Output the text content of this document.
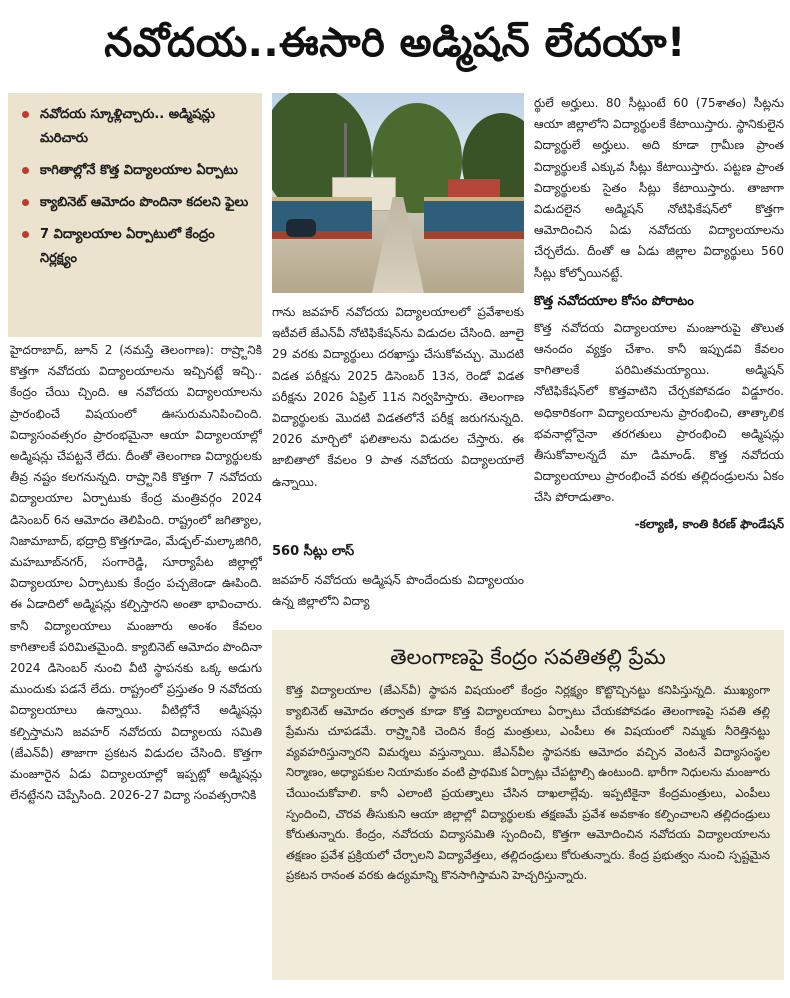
నవోదయ..ఈసారి అడ్మిషన్ లేదయా!
నవోదయ స్కూళ్లిచ్చారు.. అడ్మిషన్లు మరిచారు
కాగితాల్లోనే కొత్త విద్యాలయాల ఏర్పాటు
క్యాబినెట్ ఆమోదం పొందినా కదలని ఫైలు
7 విద్యాలయాల ఏర్పాటులో కేంద్రం నిర్లక్ష్యం

హైదరాబాద్, జూన్ 2 (నమస్తే తెలంగాణ): రాష్ర్టానికి కొత్తగా నవోదయ విద్యాలయాలను ఇచ్చినట్టే ఇచ్చి.. కేంద్రం చేయి చ్చింది. ఆ నవోదయ విద్యాలయాలను ప్రారంభించే విషయంలో ఊసురుమనిపించింది. విద్యాసంవత్సరం ప్రారంభమైనా ఆయా విద్యాలయాల్లో అడ్మిషన్లు చేపట్టనే లేదు. దీంతో తెలంగాణ విద్యార్థులకు తీవ్ర నష్టం కలగనున్నది. రాష్ర్టానికి కొత్తగా 7 నవోదయ విద్యాలయాల ఏర్పాటుకు కేంద్ర మంత్రివర్గం 2024 డిసెంబర్ 6న ఆమోదం తెలిపింది. రాష్ట్రంలో జగిత్యాల, నిజామాబాద్, భద్రాద్రి కొత్తగూడెం, మేడ్చల్-మల్కాజిగిరి, మహబూబ్‌నగర్, సంగారెడ్డి, సూర్యాపేట జిల్లాల్లో విద్యాలయాల ఏర్పాటుకు కేంద్రం పచ్చజెండా ఊపింది. ఈ ఏడాదిలో అడ్మిషన్లు కల్పిస్తారని అంతా భావించారు. కానీ విద్యాలయాలు మంజూరు అంశం కేవలం కాగితాలకే పరిమితమైంది. క్యాబినెట్ ఆమోదం పొందినా 2024 డిసెంబర్ నుంచి వీటి స్థాపనకు ఒక్క అడుగు ముందుకు పడనే లేదు. రాష్ట్రంలో ప్రస్తుతం 9 నవోదయ విద్యాలయాలు ఉన్నాయి. వీటిల్లోనే అడ్మిషన్లు కల్పిస్తామని జవహర్ నవోదయ విద్యాలయ సమితి (జేఎన్‌వీ) తాజాగా ప్రకటన విడుదల చేసింది. కొత్తగా మంజూరైన ఏడు విద్యాలయాల్లో ఇప్పట్లో అడ్మిషన్లు లేనట్టేనని చెప్పేసింది. 2026-27 విద్యా సంవత్సరానికి

గాను జవహర్ నవోదయ విద్యాలయాలలో ప్రవేశాలకు ఇటీవలే జేఎన్‌వీ నోటిఫికేషన్‌ను విడుదల చేసింది. జూలై 29 వరకు విద్యార్థులు దరఖాస్తు చేసుకోవచ్చు. మొదటి విడత పరీక్షను 2025 డిసెంబర్ 13న, రెండో విడత పరీక్షను 2026 ఏప్రిల్ 11న నిర్వహిస్తారు. తెలంగాణ విద్యార్థులకు మొదటి విడతలోనే పరీక్ష జరుగనున్నది. 2026 మార్చిలో ఫలితాలను విడుదల చేస్తారు. ఈ జాబితాలో కేవలం 9 పాత నవోదయ విద్యాలయాలే ఉన్నాయి.

560 సీట్లు లాస్

జవహర్ నవోదయ అడ్మిషన్ పొందేందుకు విద్యాలయం ఉన్న జిల్లాలోని విద్యా

ర్థులే అర్హులు. 80 సీట్లుంటే 60 (75శాతం) సీట్లను ఆయా జిల్లాలోని విద్యార్థులకే కేటాయిస్తారు. స్థానికులైన విద్యార్థులే అర్హులు. అది కూడా గ్రామీణ ప్రాంత విద్యార్థులకే ఎక్కువ సీట్లు కేటాయిస్తారు. పట్టణ ప్రాంత విద్యార్థులకు సైతం సీట్లు కేటాయిస్తారు. తాజాగా విడుదలైన అడ్మిషన్ నోటిఫికేషన్‌లో కొత్తగా ఆమోదించిన ఏడు నవోదయ విద్యాలయాలను చేర్చలేదు. దీంతో ఆ ఏడు జిల్లాల విద్యార్థులు 560 సీట్లు కోల్పోయినట్టే.

కొత్త నవోదయాల కోసం పోరాటం

కొత్త నవోదయ విద్యాలయాల మంజూరుపై తొలుత ఆనందం వ్యక్తం చేశాం. కానీ ఇప్పుడవి కేవలం కాగితాలకే పరిమితమయ్యాయి. అడ్మిషన్ నోటిఫికేషన్‌లో కొత్తవాటిని చేర్చకపోవడం విడ్డూరం. అధికారికంగా విద్యాలయాలను ప్రారంభించి, తాత్కాలిక భవనాల్లోనైనా తరగతులు ప్రారంభించి అడ్మిషన్లు తీసుకోవాలన్నదే మా డిమాండ్. కొత్త నవోదయ విద్యాలయాలు ప్రారంభించే వరకు తల్లిదండ్రులను ఏకం చేసి పోరాడుతాం.

-కల్యాణి, కాంతి కిరణ్ ఫౌండేషన్
తెలంగాణపై కేంద్రం సవతితల్లి ప్రేమ

కొత్త విద్యాలయాల (జేఎన్‌వీ) స్థాపన విషయంలో కేంద్రం నిర్లక్ష్యం కొట్టొచ్చినట్టు కనిపిస్తున్నది. ముఖ్యంగా క్యాబినెట్ ఆమోదం తర్వాత కూడా కొత్త విద్యాలయాలు ఏర్పాటు చేయకపోవడం తెలంగాణపై సవతి తల్లి ప్రేమను చూపడమే. రాష్ర్టానికి చెందిన కేంద్ర మంత్రులు, ఎంపీలు ఈ విషయంలో నిమ్మకు నీరెత్తినట్టు వ్యవహరిస్తున్నారని విమర్శలు వస్తున్నాయి. జేఎన్‌వీల స్థాపనకు ఆమోదం వచ్చిన వెంటనే విద్యాసంస్థల నిర్మాణం, అధ్యాపకుల నియామకం వంటి ప్రాథమిక ఏర్పాట్లు చేపట్టాల్సి ఉంటుంది. భారీగా నిధులను మంజూరు చేయించుకోవాలి. కానీ ఎలాంటి ప్రయత్నాలు చేసిన దాఖలాల్లేవు. ఇప్పటికైనా కేంద్రమంత్రులు, ఎంపీలు స్పందించి, చొరవ తీసుకుని ఆయా జిల్లాల్లో విద్యార్థులకు తక్షణమే ప్రవేశ అవకాశం కల్పించాలని తల్లిదండ్రులు కోరుతున్నారు. కేంద్రం, నవోదయ విద్యాసమితి స్పందించి, కొత్తగా ఆమోదించిన నవోదయ విద్యాలయాలను తక్షణం ప్రవేశ ప్రక్రియలో చేర్చాలని విద్యావేత్తలు, తల్లిదండ్రులు కోరుతున్నారు. కేంద్ర ప్రభుత్వం నుంచి స్పష్టమైన ప్రకటన రానంత వరకు ఉద్యమాన్ని కొనసాగిస్తామని హెచ్చరిస్తున్నారు.
